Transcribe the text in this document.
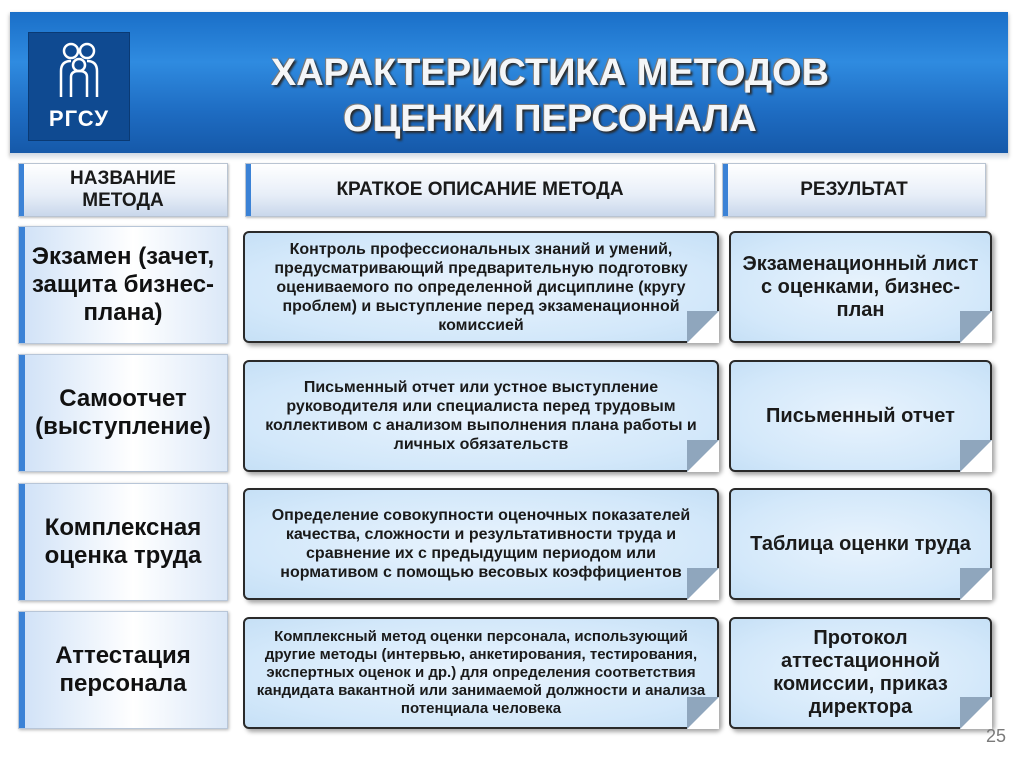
РГСУ
ХАРАКТЕРИСТИКА МЕТОДОВ
ОЦЕНКИ ПЕРСОНАЛА
НАЗВАНИЕ
МЕТОДА
КРАТКОЕ ОПИСАНИЕ МЕТОДА	РЕЗУЛЬТАТ
Экзамен (зачет, защита бизнес-плана)
Контроль профессиональных знаний и умений, предусматривающий предварительную подготовку оцениваемого по определенной дисциплине (кругу проблем) и выступление перед экзаменационной комиссией
Экзаменационный лист с оценками, бизнес-план
Самоотчет (выступление)
Письменный отчет или устное выступление руководителя или специалиста перед трудовым коллективом с анализом выполнения плана работы и личных обязательств
Письменный отчет
Комплексная оценка труда
Определение совокупности оценочных показателей качества, сложности и результативности труда и сравнение их с предыдущим периодом или нормативом с помощью весовых коэффициентов
Таблица оценки труда
Аттестация персонала
Комплексный метод оценки персонала, использующий другие методы (интервью, анкетирования, тестирования, экспертных оценок и др.) для определения соответствия кандидата вакантной или занимаемой должности и анализа потенциала человека
Протокол аттестационной комиссии, приказ директора
25
